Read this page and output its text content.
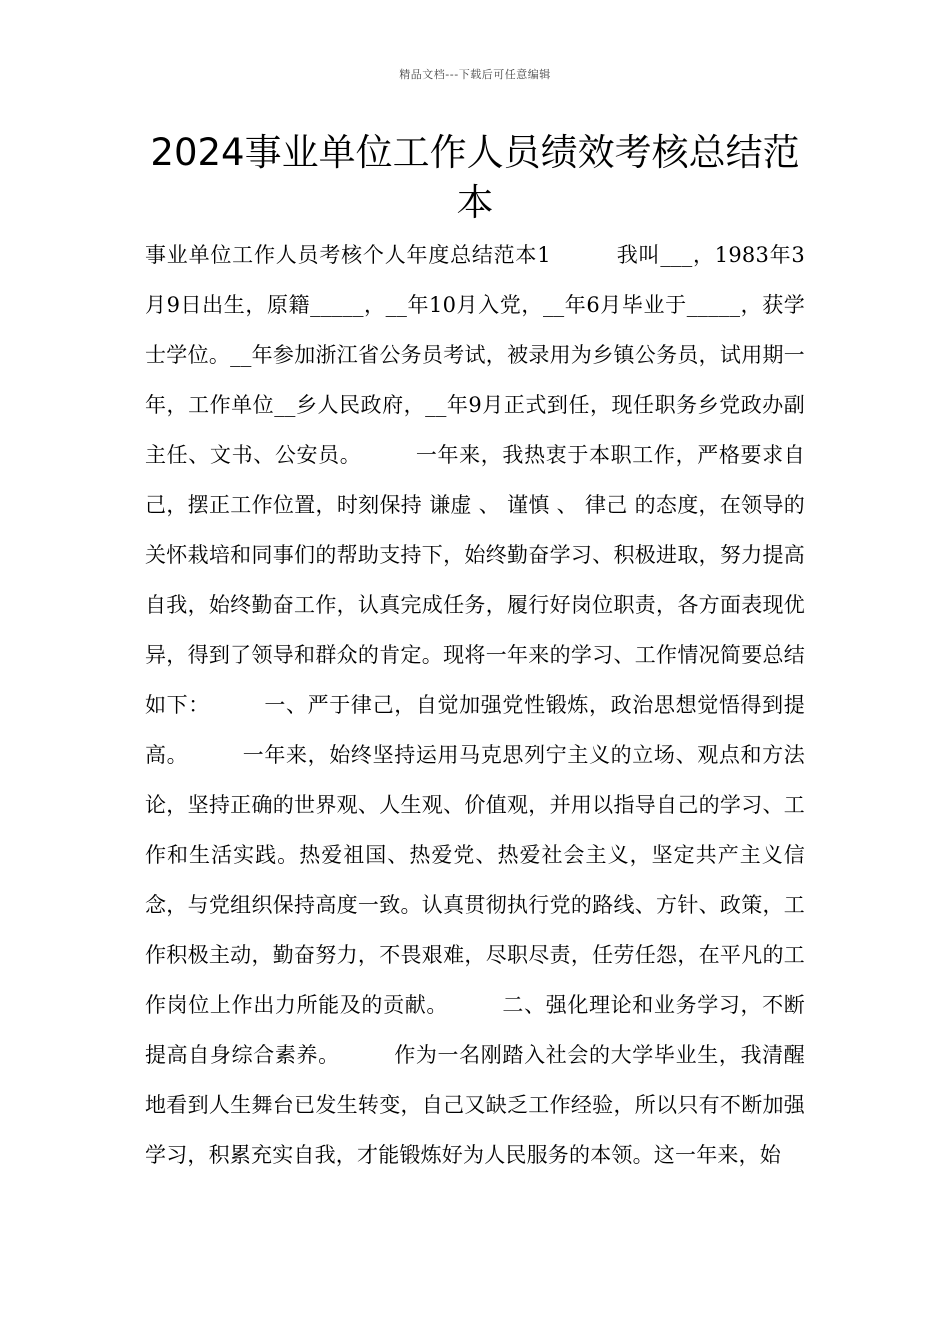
精品文档---下载后可任意编辑
2024事业单位工作人员绩效考核总结范本

事业单位工作人员考核个人年度总结范本1　　　我叫___，1983年3月9日出生，原籍_____，__年10月入党，__年6月毕业于_____，获学士学位。__年参加浙江省公务员考试，被录用为乡镇公务员，试用期一年，工作单位__乡人民政府，__年9月正式到任，现任职务乡党政办副主任、文书、公安员。　　　一年来，我热衷于本职工作，严格要求自己，摆正工作位置，时刻保持 谦虚 、 谨慎 、 律己 的态度，在领导的关怀栽培和同事们的帮助支持下，始终勤奋学习、积极进取，努力提高自我，始终勤奋工作，认真完成任务，履行好岗位职责，各方面表现优异，得到了领导和群众的肯定。现将一年来的学习、工作情况简要总结如下：　　　一、严于律己，自觉加强党性锻炼，政治思想觉悟得到提高。　　　一年来，始终坚持运用马克思列宁主义的立场、观点和方法论，坚持正确的世界观、人生观、价值观，并用以指导自己的学习、工作和生活实践。热爱祖国、热爱党、热爱社会主义，坚定共产主义信念，与党组织保持高度一致。认真贯彻执行党的路线、方针、政策，工作积极主动，勤奋努力，不畏艰难，尽职尽责，任劳任怨，在平凡的工作岗位上作出力所能及的贡献。　　　二、强化理论和业务学习，不断提高自身综合素养。　　　作为一名刚踏入社会的大学毕业生，我清醒地看到人生舞台已发生转变，自己又缺乏工作经验，所以只有不断加强学习，积累充实自我，才能锻炼好为人民服务的本领。这一年来，始
